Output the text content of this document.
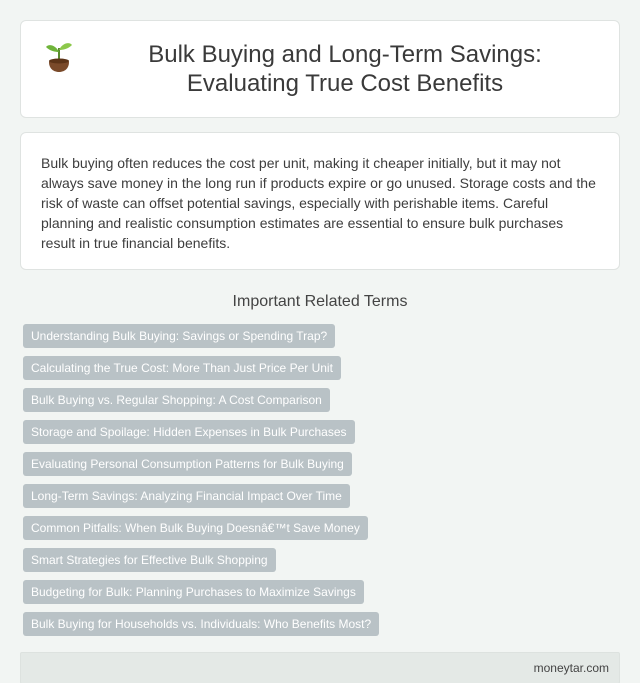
Bulk Buying and Long-Term Savings: Evaluating True Cost Benefits

Bulk buying often reduces the cost per unit, making it cheaper initially, but it may not always save money in the long run if products expire or go unused. Storage costs and the risk of waste can offset potential savings, especially with perishable items. Careful planning and realistic consumption estimates are essential to ensure bulk purchases result in true financial benefits.

Important Related Terms
Understanding Bulk Buying: Savings or Spending Trap?
Calculating the True Cost: More Than Just Price Per Unit
Bulk Buying vs. Regular Shopping: A Cost Comparison
Storage and Spoilage: Hidden Expenses in Bulk Purchases
Evaluating Personal Consumption Patterns for Bulk Buying
Long-Term Savings: Analyzing Financial Impact Over Time
Common Pitfalls: When Bulk Buying Doesnâ€™t Save Money
Smart Strategies for Effective Bulk Shopping
Budgeting for Bulk: Planning Purchases to Maximize Savings
Bulk Buying for Households vs. Individuals: Who Benefits Most?
moneytar.com
